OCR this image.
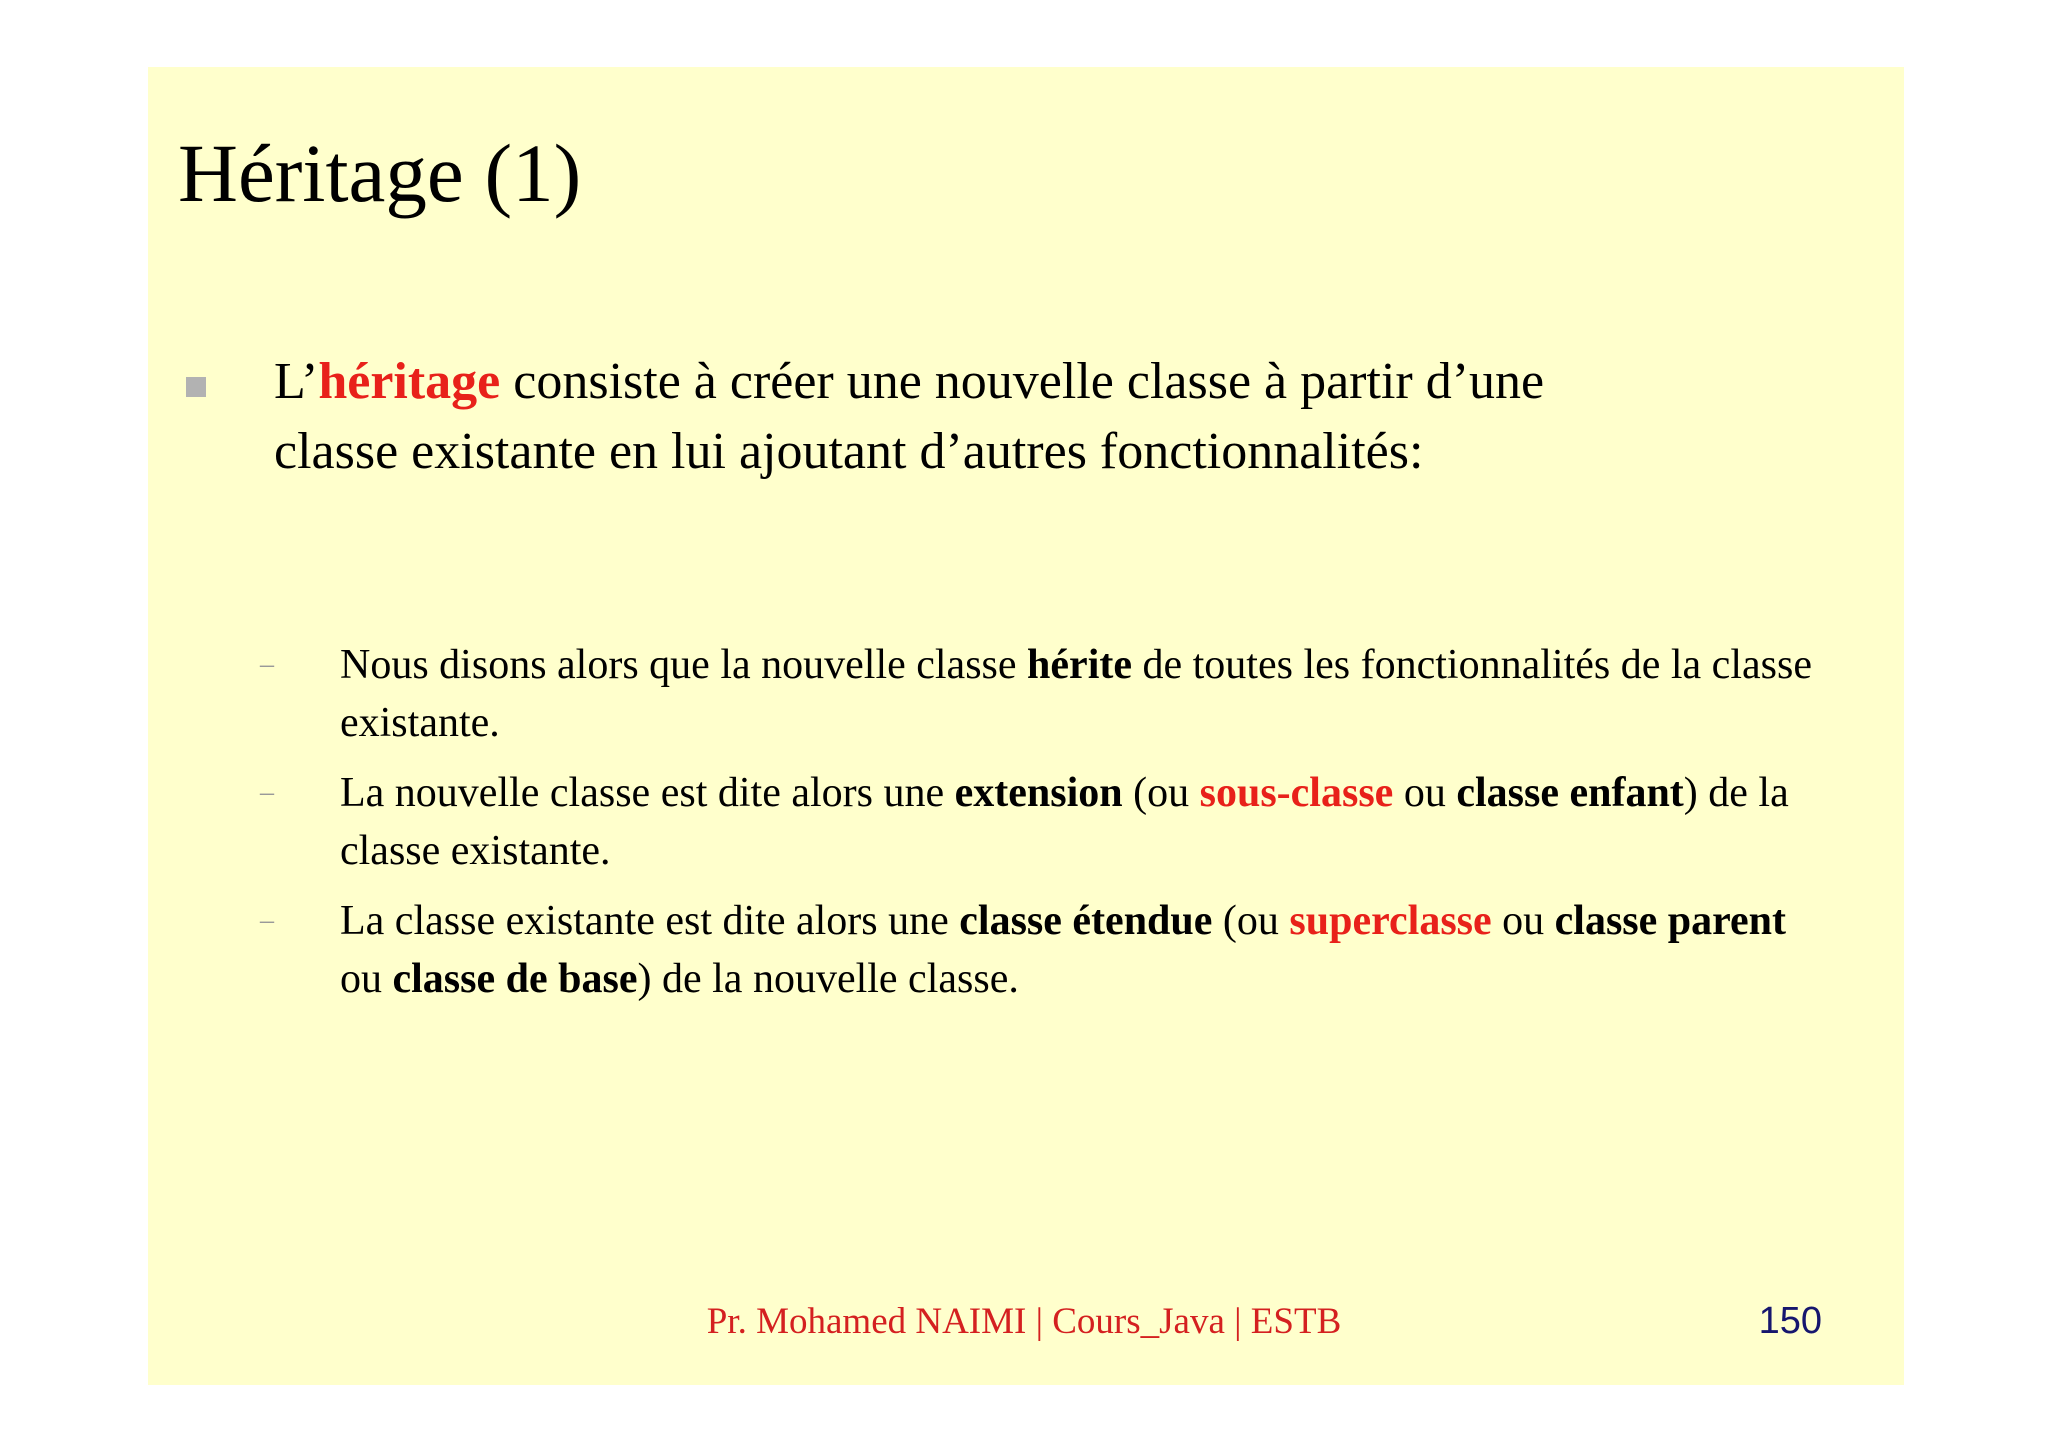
Héritage (1)

L’héritage consiste à créer une nouvelle classe à partir d’une classe existante en lui ajoutant d’autres fonctionnalités:

– Nous disons alors que la nouvelle classe hérite de toutes les fonctionnalités de la classe existante.
– La nouvelle classe est dite alors une extension (ou sous-classe ou classe enfant) de la classe existante.
– La classe existante est dite alors une classe étendue (ou superclasse ou classe parent ou classe de base) de la nouvelle classe.
Pr. Mohamed NAIMI | Cours_Java | ESTB	150
